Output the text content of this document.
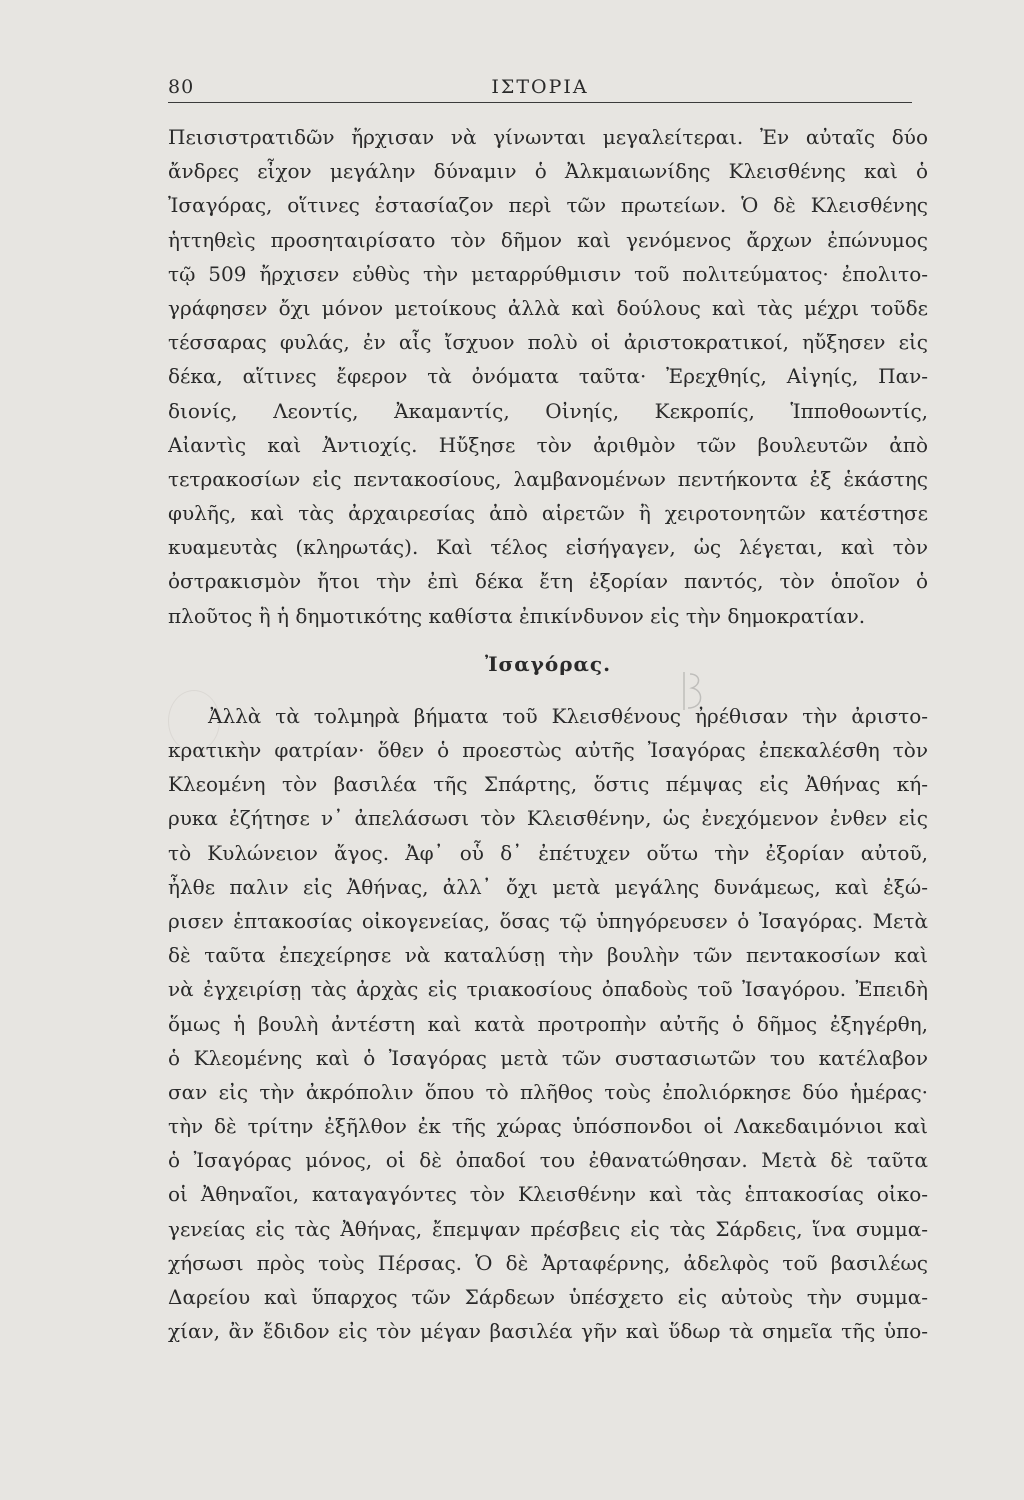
80	ΙΣΤΟΡΙΑ
Πεισιστρατιδῶν ἤρχισαν νὰ γίνωνται μεγαλείτεραι. Ἐν αὐταῖς δύο
ἄνδρες εἶχον μεγάλην δύναμιν ὁ Ἀλκμαιωνίδης Κλεισθένης καὶ ὁ
Ἰσαγόρας, οἵτινες ἐστασίαζον περὶ τῶν πρωτείων. Ὁ δὲ Κλεισθένης
ἡττηθεὶς προσηταιρίσατο τὸν δῆμον καὶ γενόμενος ἄρχων ἐπώνυμος
τῷ 509 ἤρχισεν εὐθὺς τὴν μεταρρύθμισιν τοῦ πολιτεύματος· ἐπολιτο-
γράφησεν ὄχι μόνον μετοίκους ἀλλὰ καὶ δούλους καὶ τὰς μέχρι τοῦδε
τέσσαρας φυλάς, ἐν αἷς ἴσχυον πολὺ οἱ ἀριστοκρατικοί, ηὔξησεν εἰς
δέκα, αἵτινες ἔφερον τὰ ὀνόματα ταῦτα· Ἐρεχθηίς, Αἰγηίς, Παν-
διονίς, Λεοντίς, Ἀκαμαντίς, Οἰνηίς, Κεκροπίς, Ἱπποθοωντίς,
Αἰαντὶς καὶ Ἀντιοχίς. Ηὔξησε τὸν ἀριθμὸν τῶν βουλευτῶν ἀπὸ
τετρακοσίων εἰς πεντακοσίους, λαμβανομένων πεντήκοντα ἐξ ἑκάστης
φυλῆς, καὶ τὰς ἀρχαιρεσίας ἀπὸ αἱρετῶν ἢ χειροτονητῶν κατέστησε
κυαμευτὰς (κληρωτάς). Καὶ τέλος εἰσήγαγεν, ὡς λέγεται, καὶ τὸν
ὀστρακισμὸν ἤτοι τὴν ἐπὶ δέκα ἔτη ἐξορίαν παντός, τὸν ὁποῖον ὁ
πλοῦτος ἢ ἡ δημοτικότης καθίστα ἐπικίνδυνον εἰς τὴν δημοκρατίαν.
Ἰσαγόρας.
Ἀλλὰ τὰ τολμηρὰ βήματα τοῦ Κλεισθένους ἠρέθισαν τὴν ἀριστο-
κρατικὴν φατρίαν· ὅθεν ὁ προεστὼς αὐτῆς Ἰσαγόρας ἐπεκαλέσθη τὸν
Κλεομένη τὸν βασιλέα τῆς Σπάρτης, ὅστις πέμψας εἰς Ἀθήνας κή-
ρυκα ἐζήτησε ν᾽ ἀπελάσωσι τὸν Κλεισθένην, ὡς ἐνεχόμενον ἐνθεν εἰς
τὸ Κυλώνειον ἄγος. Ἀφ᾽ οὗ δ᾽ ἐπέτυχεν οὕτω τὴν ἐξορίαν αὐτοῦ,
ἦλθε παλιν εἰς Ἀθήνας, ἀλλ᾽ ὄχι μετὰ μεγάλης δυνάμεως, καὶ ἐξώ-
ρισεν ἑπτακοσίας οἰκογενείας, ὅσας τῷ ὑπηγόρευσεν ὁ Ἰσαγόρας. Μετὰ
δὲ ταῦτα ἐπεχείρησε νὰ καταλύσῃ τὴν βουλὴν τῶν πεντακοσίων καὶ
νὰ ἐγχειρίσῃ τὰς ἀρχὰς εἰς τριακοσίους ὀπαδοὺς τοῦ Ἰσαγόρου. Ἐπειδὴ
ὅμως ἡ βουλὴ ἀντέστη καὶ κατὰ προτροπὴν αὐτῆς ὁ δῆμος ἐξηγέρθη,
ὁ Κλεομένης καὶ ὁ Ἰσαγόρας μετὰ τῶν συστασιωτῶν του κατέλαβον
σαν εἰς τὴν ἀκρόπολιν ὅπου τὸ πλῆθος τοὺς ἐπολιόρκησε δύο ἡμέρας·
τὴν δὲ τρίτην ἐξῆλθον ἐκ τῆς χώρας ὑπόσπονδοι οἱ Λακεδαιμόνιοι καὶ
ὁ Ἰσαγόρας μόνος, οἱ δὲ ὀπαδοί του ἐθανατώθησαν. Μετὰ δὲ ταῦτα
οἱ Ἀθηναῖοι, καταγαγόντες τὸν Κλεισθένην καὶ τὰς ἑπτακοσίας οἰκο-
γενείας εἰς τὰς Ἀθήνας, ἔπεμψαν πρέσβεις εἰς τὰς Σάρδεις, ἵνα συμμα-
χήσωσι πρὸς τοὺς Πέρσας. Ὁ δὲ Ἀρταφέρνης, ἀδελφὸς τοῦ βασιλέως
Δαρείου καὶ ὕπαρχος τῶν Σάρδεων ὑπέσχετο εἰς αὐτοὺς τὴν συμμα-
χίαν, ἂν ἔδιδον εἰς τὸν μέγαν βασιλέα γῆν καὶ ὕδωρ τὰ σημεῖα τῆς ὑπο-
